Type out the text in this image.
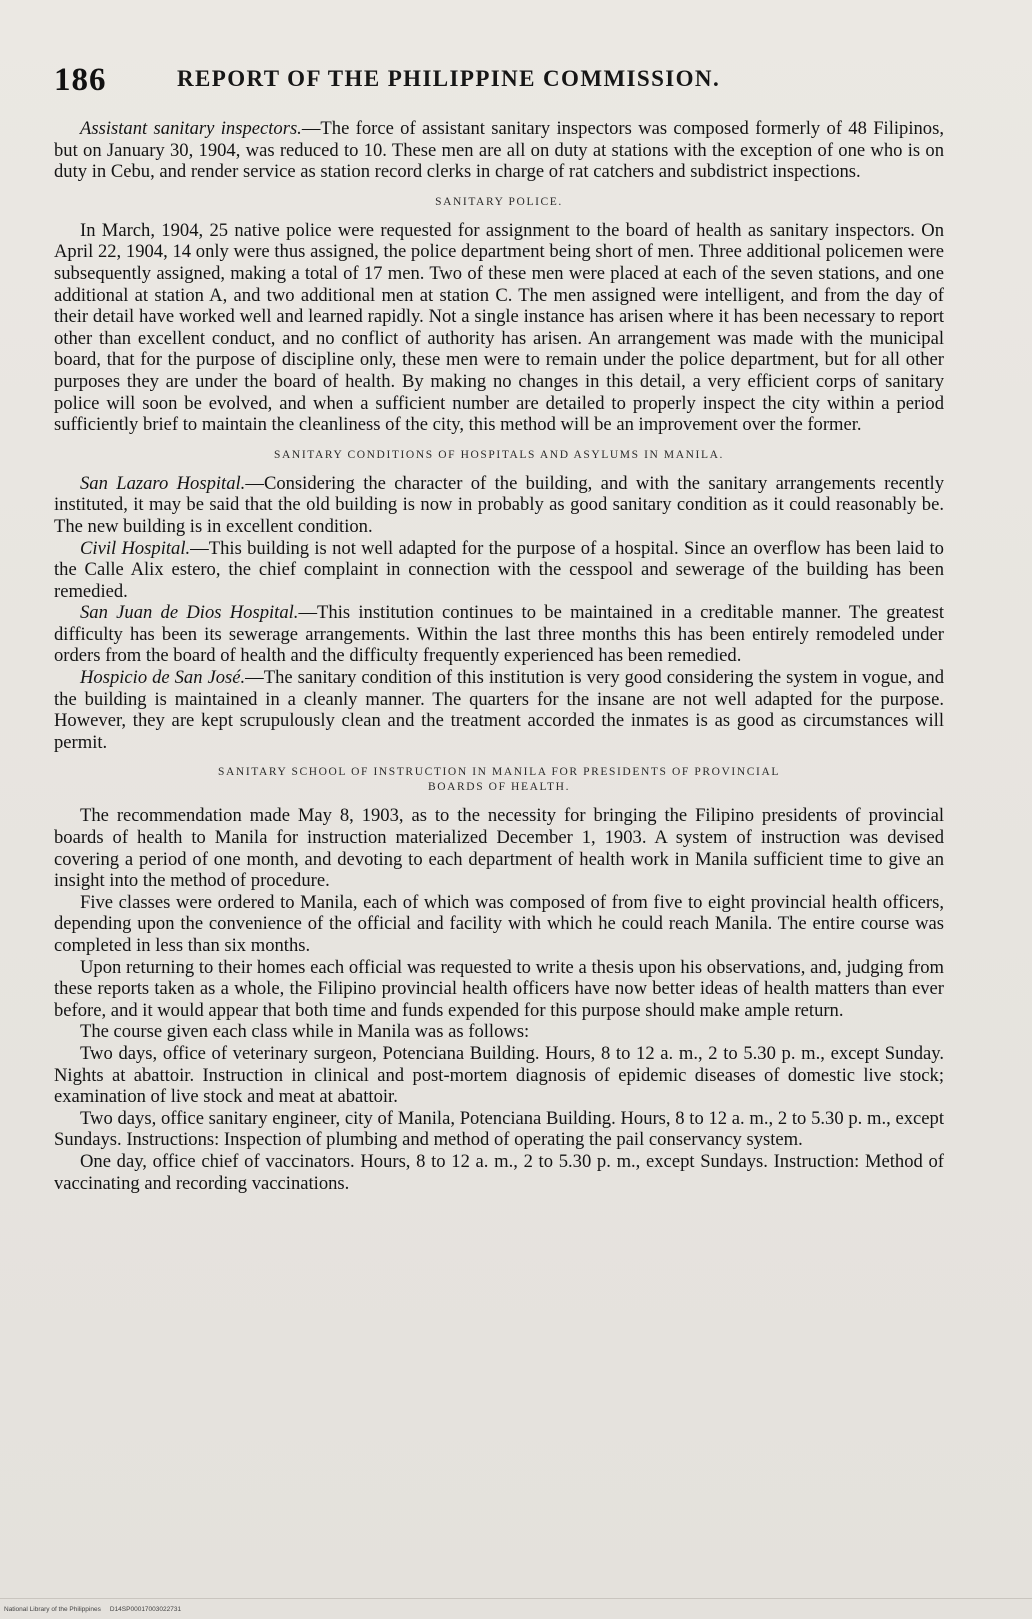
186	REPORT OF THE PHILIPPINE COMMISSION.

Assistant sanitary inspectors.—The force of assistant sanitary inspectors was composed formerly of 48 Filipinos, but on January 30, 1904, was reduced to 10. These men are all on duty at stations with the exception of one who is on duty in Cebu, and render service as station record clerks in charge of rat catchers and subdistrict inspections.

SANITARY POLICE.

In March, 1904, 25 native police were requested for assignment to the board of health as sanitary inspectors. On April 22, 1904, 14 only were thus assigned, the police department being short of men. Three additional policemen were subsequently assigned, making a total of 17 men. Two of these men were placed at each of the seven stations, and one additional at station A, and two additional men at station C. The men assigned were intelligent, and from the day of their detail have worked well and learned rapidly. Not a single instance has arisen where it has been necessary to report other than excellent conduct, and no conflict of authority has arisen. An arrangement was made with the municipal board, that for the purpose of discipline only, these men were to remain under the police department, but for all other purposes they are under the board of health. By making no changes in this detail, a very efficient corps of sanitary police will soon be evolved, and when a sufficient number are detailed to properly inspect the city within a period sufficiently brief to maintain the cleanliness of the city, this method will be an improvement over the former.

SANITARY CONDITIONS OF HOSPITALS AND ASYLUMS IN MANILA.

San Lazaro Hospital.—Considering the character of the building, and with the sanitary arrangements recently instituted, it may be said that the old building is now in probably as good sanitary condition as it could reasonably be. The new building is in excellent condition.

Civil Hospital.—This building is not well adapted for the purpose of a hospital. Since an overflow has been laid to the Calle Alix estero, the chief complaint in connection with the cesspool and sewerage of the building has been remedied.

San Juan de Dios Hospital.—This institution continues to be maintained in a creditable manner. The greatest difficulty has been its sewerage arrangements. Within the last three months this has been entirely remodeled under orders from the board of health and the difficulty frequently experienced has been remedied.

Hospicio de San José.—The sanitary condition of this institution is very good considering the system in vogue, and the building is maintained in a cleanly manner. The quarters for the insane are not well adapted for the purpose. However, they are kept scrupulously clean and the treatment accorded the inmates is as good as circumstances will permit.

SANITARY SCHOOL OF INSTRUCTION IN MANILA FOR PRESIDENTS OF PROVINCIAL
BOARDS OF HEALTH.

The recommendation made May 8, 1903, as to the necessity for bringing the Filipino presidents of provincial boards of health to Manila for instruction materialized December 1, 1903. A system of instruction was devised covering a period of one month, and devoting to each department of health work in Manila sufficient time to give an insight into the method of procedure.

Five classes were ordered to Manila, each of which was composed of from five to eight provincial health officers, depending upon the convenience of the official and facility with which he could reach Manila. The entire course was completed in less than six months.

Upon returning to their homes each official was requested to write a thesis upon his observations, and, judging from these reports taken as a whole, the Filipino provincial health officers have now better ideas of health matters than ever before, and it would appear that both time and funds expended for this purpose should make ample return.

The course given each class while in Manila was as follows:

Two days, office of veterinary surgeon, Potenciana Building. Hours, 8 to 12 a. m., 2 to 5.30 p. m., except Sunday. Nights at abattoir. Instruction in clinical and post-mortem diagnosis of epidemic diseases of domestic live stock; examination of live stock and meat at abattoir.

Two days, office sanitary engineer, city of Manila, Potenciana Building. Hours, 8 to 12 a. m., 2 to 5.30 p. m., except Sundays. Instructions: Inspection of plumbing and method of operating the pail conservancy system.

One day, office chief of vaccinators. Hours, 8 to 12 a. m., 2 to 5.30 p. m., except Sundays. Instruction: Method of vaccinating and recording vaccinations.

National Library of the Philippines D14SP00017003022731
